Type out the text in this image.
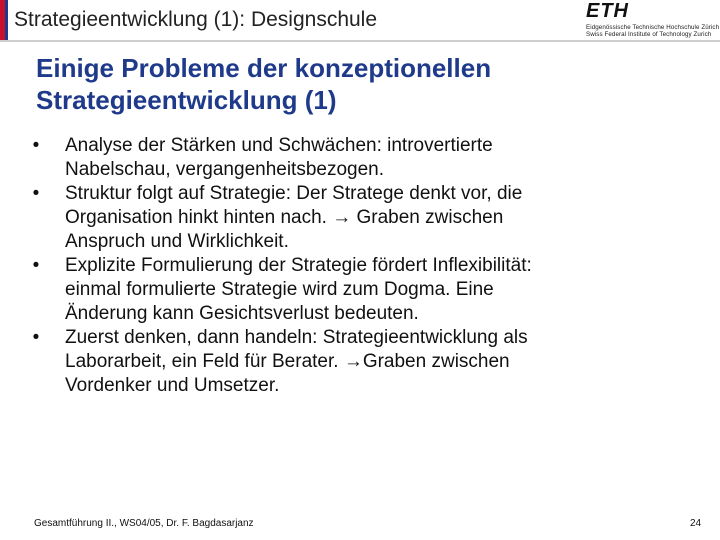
Strategieentwicklung (1): Designschule	ETH
Eidgenössische Technische Hochschule Zürich
Swiss Federal Institute of Technology Zurich
Einige Probleme der konzeptionellen
Strategieentwicklung (1)
• Analyse der Stärken und Schwächen: introvertierte
Nabelschau, vergangenheitsbezogen.
• Struktur folgt auf Strategie: Der Stratege denkt vor, die
Organisation hinkt hinten nach. → Graben zwischen
Anspruch und Wirklichkeit.
• Explizite Formulierung der Strategie fördert Inflexibilität:
einmal formulierte Strategie wird zum Dogma. Eine
Änderung kann Gesichtsverlust bedeuten.
• Zuerst denken, dann handeln: Strategieentwicklung als
Laborarbeit, ein Feld für Berater. →Graben zwischen
Vordenker und Umsetzer.
Gesamtführung II., WS04/05, Dr. F. Bagdasarjanz	24
